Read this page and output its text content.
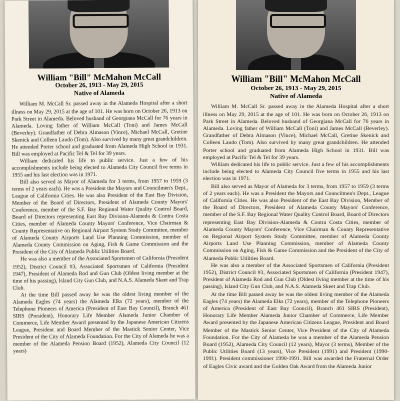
William "Bill" McMahon McCall
October 26, 1913 - May 29, 2015
Native of Alameda

William M. McCall Sr. passed away in the Alameda Hospital after a short illness on May 29, 2015 at the age of 101. He was born on October 26, 1913 on Park Street in Alameda. Beloved husband of Georgiana McCall for 76 years in Alameda. Loving father of William McCall (Toni) and James McCall (Beverley). Grandfather of Debra Almason (Vince), Michael McCall, Gretine Skenick and Colleen Laudo (Tom). Also survived by many great grandchildren. He attended Porter school and graduated from Alameda High School in 1931. Bill was employed at Pacific Tel & Tel for 39 years.

William dedicated his life to public service. Just a few of his accomplishments include being elected to Alameda City Council five terms in 1955 and his last election was in 1971.

Bill also served as Mayor of Alameda for 3 terms, from 1957 to 1959 (3 terms of 2 years each). He was a President the Mayors and Councilmen's Dept., League of California Cities. He was also President of the East Bay Division, Member of the Board of Directors, President of Alameda County Mayors' Conference, member of the S.F. Bay Regional Water Quality Control Board, Board of Directors representing East Bay Division-Alameda & Contra Costa Cities, member of Alameda County Mayors' Conference, Vice Chairman & County Representative on Regional Airport System Study Committee, member of Alameda County Airports Land Use Planning Commission, member of Alameda County Commission on Aging, Fish & Game Commission and the President of the City of Alameda Public Utilities Board.

He was also a member of the Associated Sportsmen of California (President 1952), District Council #3, Associated Sportsmen of California (President 1947), President of Alameda Rod and Gun Club (Oldest living member at the time of his passing), Island City Gun Club, and N.A.S. Alameda Skeet and Trap Club.

At the time Bill passed away he was the oldest living member of the Alameda Eagles (74 years) the Alameda Elks (72 years), member of the Telephone Pioneers of America (President of East Bay Council), Branch 461 SIRS (President), Honorary Life Member Alameda Junior Chamber of Commerce, Life Member Award presented by the Japanese American Citizens League, President and Board Member of the Mastick Senior Center, Vice President of the City of Alameda Foundation. For the City of Alameda he was a member of the Alameda Pension Board (1952), Alameda City Council (12 years)

William "Bill" McMahon McCall
October 26, 1913 - May 29, 2015
Native of Alameda

William M. McCall Sr. passed away in the Alameda Hospital after a short illness on May 29, 2015 at the age of 101. He was born on October 26, 1913 on Park Street in Alameda. Beloved husband of Georgiana McCall for 76 years in Alameda. Loving father of William McCall (Toni) and James McCall (Beverley). Grandfather of Debra Almason (Vince), Michael McCall, Gretine Skenick and Colleen Laudo (Tom). Also survived by many great grandchildren. He attended Porter school and graduated from Alameda High School in 1931. Bill was employed at Pacific Tel & Tel for 39 years.

William dedicated his life to public service. Just a few of his accomplishments include being elected to Alameda City Council five terms in 1955 and his last election was in 1971.

Bill also served as Mayor of Alameda for 3 terms, from 1957 to 1959 (3 terms of 2 years each). He was a President the Mayors and Councilmen's Dept., League of California Cities. He was also President of the East Bay Division, Member of the Board of Directors, President of Alameda County Mayors' Conference, member of the S.F. Bay Regional Water Quality Control Board, Board of Directors representing East Bay Division-Alameda & Contra Costa Cities, member of Alameda County Mayors' Conference, Vice Chairman & County Representative on Regional Airport System Study Committee, member of Alameda County Airports Land Use Planning Commission, member of Alameda County Commission on Aging, Fish & Game Commission and the President of the City of Alameda Public Utilities Board.

He was also a member of the Associated Sportsmen of California (President 1952), District Council #3, Associated Sportsmen of California (President 1947), President of Alameda Rod and Gun Club (Oldest living member at the time of his passing), Island City Gun Club, and N.A.S. Alameda Skeet and Trap Club.

At the time Bill passed away he was the oldest living member of the Alameda Eagles (74 years) the Alameda Elks (72 years), member of the Telephone Pioneers of America (President of East Bay Council), Branch 461 SIRS (President), Honorary Life Member Alameda Junior Chamber of Commerce, Life Member Award presented by the Japanese American Citizens League, President and Board Member of the Mastick Senior Center, Vice President of the City of Alameda Foundation. For the City of Alameda he was a member of the Alameda Pension Board (1952), Alameda City Council (12 years), Mayor (3 terms), Member of the Public Utilities Board (13 years), Vice President (1991) and President (1990-1991). President commissioner 1990-1991. Bill was awarded the Fraternal Order of Eagles Civic award and the Golden Oak Award from the Alameda Junior
